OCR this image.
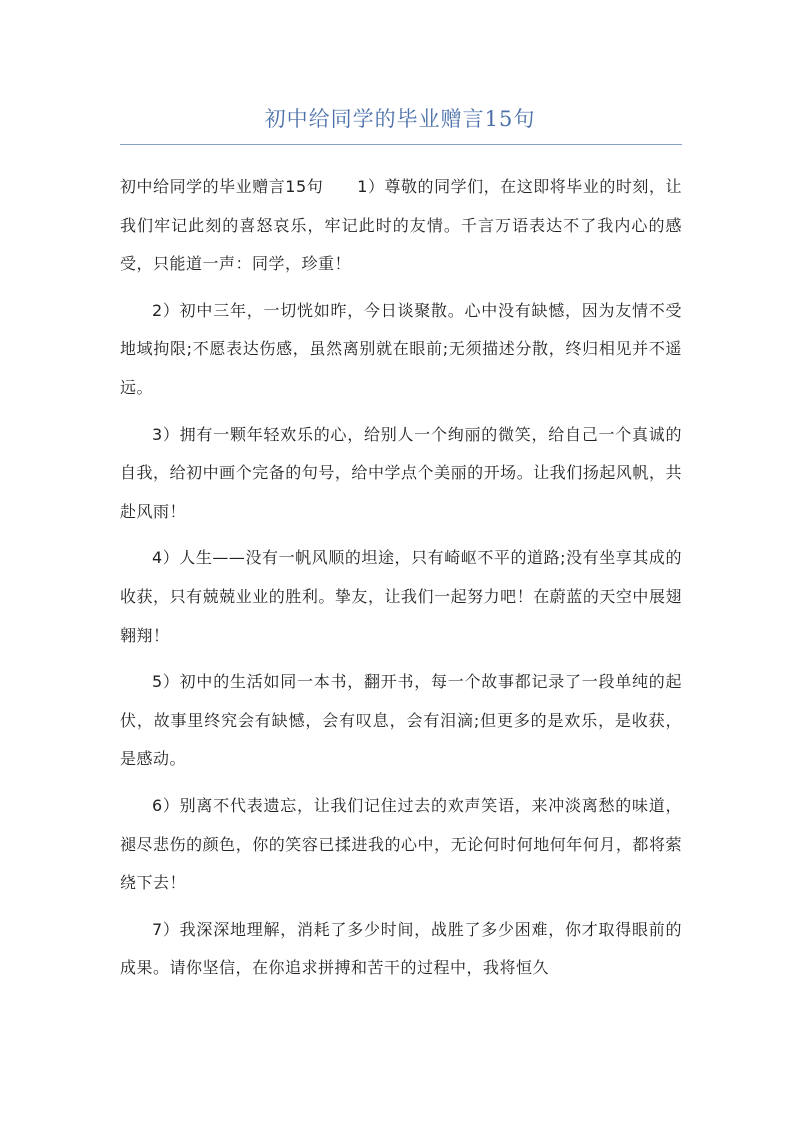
初中给同学的毕业赠言15句

初中给同学的毕业赠言15句 1）尊敬的同学们，在这即将毕业的时刻，让我们牢记此刻的喜怒哀乐，牢记此时的友情。千言万语表达不了我内心的感受，只能道一声：同学，珍重！

2）初中三年，一切恍如昨，今日谈聚散。心中没有缺憾，因为友情不受地域拘限;不愿表达伤感，虽然离别就在眼前;无须描述分散，终归相见并不遥远。

3）拥有一颗年轻欢乐的心，给别人一个绚丽的微笑，给自己一个真诚的自我，给初中画个完备的句号，给中学点个美丽的开场。让我们扬起风帆，共赴风雨！

4）人生——没有一帆风顺的坦途，只有崎岖不平的道路;没有坐享其成的收获，只有兢兢业业的胜利。挚友，让我们一起努力吧！在蔚蓝的天空中展翅翱翔！

5）初中的生活如同一本书，翻开书，每一个故事都记录了一段单纯的起伏，故事里终究会有缺憾，会有叹息，会有泪滴;但更多的是欢乐，是收获，是感动。

6）别离不代表遗忘，让我们记住过去的欢声笑语，来冲淡离愁的味道，褪尽悲伤的颜色，你的笑容已揉进我的心中，无论何时何地何年何月，都将萦绕下去！

7）我深深地理解，消耗了多少时间，战胜了多少困难，你才取得眼前的成果。请你坚信，在你追求拼搏和苦干的过程中，我将恒久
